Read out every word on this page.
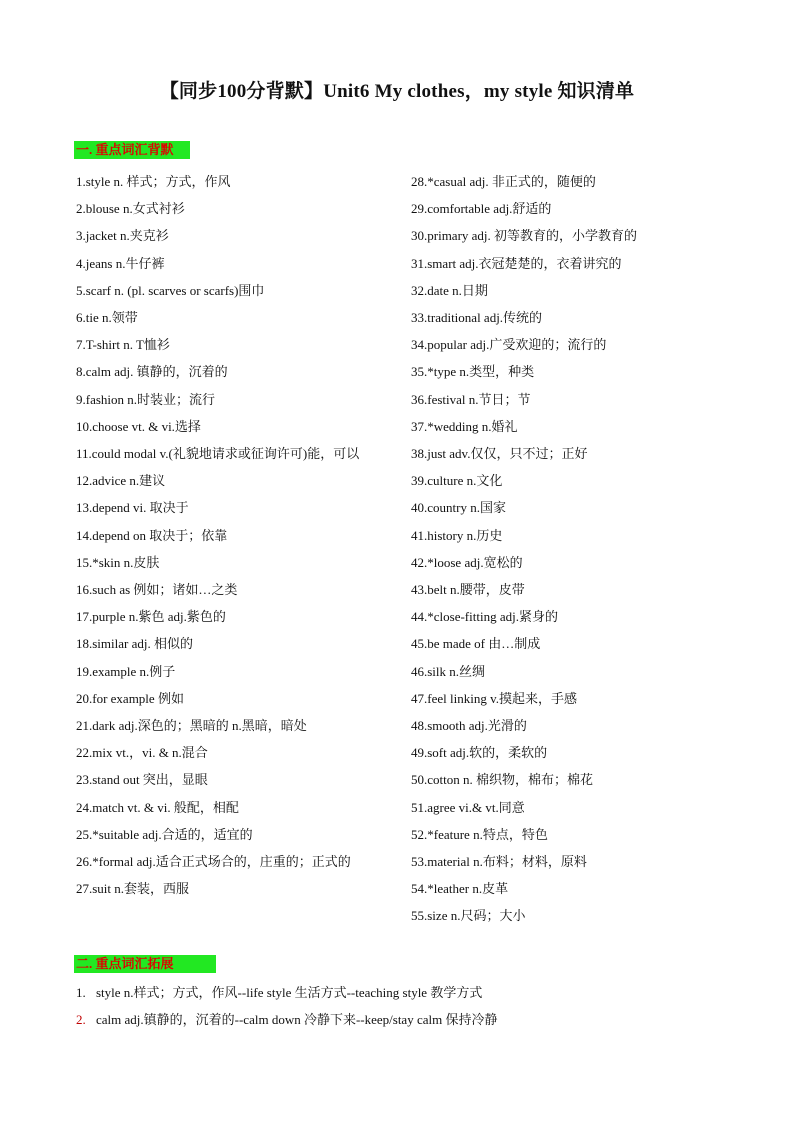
【同步100分背默】Unit6 My clothes，my style 知识清单
一. 重点词汇背默
1.style n. 样式；方式，作风
2.blouse n.女式衬衫
3.jacket n.夹克衫
4.jeans n.牛仔裤
5.scarf n. (pl. scarves or scarfs)围巾
6.tie n.领带
7.T-shirt n. T恤衫
8.calm adj. 镇静的，沉着的
9.fashion n.时装业；流行
10.choose vt. & vi.选择
11.could modal v.(礼貌地请求或征询许可)能，可以
12.advice n.建议
13.depend vi. 取决于
14.depend on 取决于；依靠
15.*skin n.皮肤
16.such as 例如；诸如…之类
17.purple n.紫色 adj.紫色的
18.similar adj. 相似的
19.example n.例子
20.for example 例如
21.dark adj.深色的；黑暗的 n.黑暗，暗处
22.mix vt.，vi. & n.混合
23.stand out 突出，显眼
24.match vt. & vi. 般配，相配
25.*suitable adj.合适的，适宜的
26.*formal adj.适合正式场合的，庄重的；正式的
27.suit n.套装，西服
28.*casual adj. 非正式的，随便的
29.comfortable adj.舒适的
30.primary adj. 初等教育的，小学教育的
31.smart adj.衣冠楚楚的，衣着讲究的
32.date n.日期
33.traditional adj.传统的
34.popular adj.广受欢迎的；流行的
35.*type n.类型，种类
36.festival n.节日；节
37.*wedding n.婚礼
38.just adv.仅仅，只不过；正好
39.culture n.文化
40.country n.国家
41.history n.历史
42.*loose adj.宽松的
43.belt n.腰带，皮带
44.*close-fitting adj.紧身的
45.be made of 由…制成
46.silk n.丝绸
47.feel linking v.摸起来，手感
48.smooth adj.光滑的
49.soft adj.软的，柔软的
50.cotton n. 棉织物，棉布；棉花
51.agree vi.& vt.同意
52.*feature n.特点，特色
53.material n.布料；材料，原料
54.*leather n.皮革
55.size n.尺码；大小
二. 重点词汇拓展
1. style n.样式；方式，作风--life style 生活方式--teaching style 教学方式
2. calm adj.镇静的，沉着的--calm down 冷静下来--keep/stay calm 保持冷静
